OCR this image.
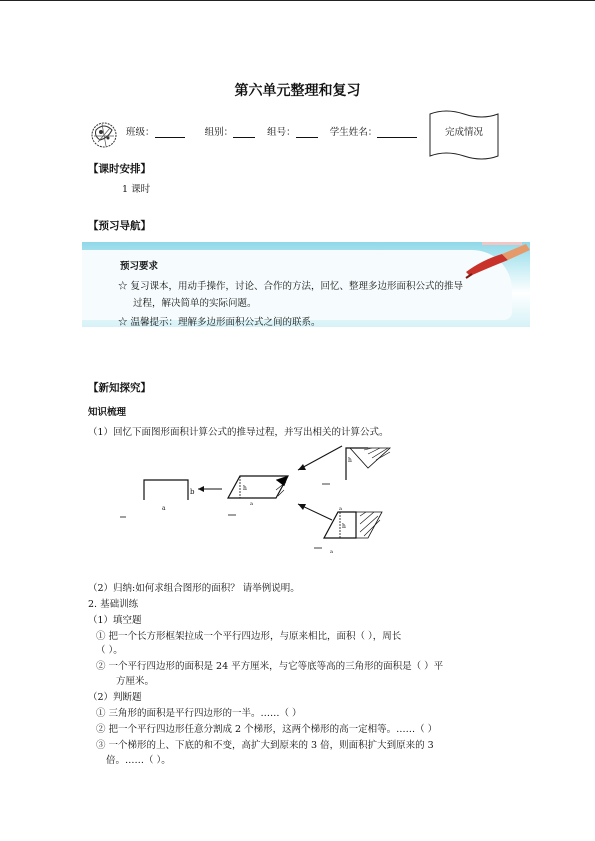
第六单元整理和复习
班级：	组别：	组号：	学生姓名：	完成情况
【课时安排】
1 课时
【预习导航】
预习要求
☆ 复习课本，用动手操作，讨论、合作的方法，回忆、整理多边形面积公式的推导
过程，解决简单的实际问题。
☆ 温馨提示：理解多边形面积公式之间的联系。
【新知探究】
知识梳理
（1）回忆下面图形面积计算公式的推导过程，并写出相关的计算公式。
b
a
h
a
h
h
a
a
（2）归纳:如何求组合图形的面积？ 请举例说明。
2. 基础训练
（1）填空题
① 把一个长方形框架拉成一个平行四边形，与原来相比，面积（ ），周长
（ ）。
② 一个平行四边形的面积是 24 平方厘米，与它等底等高的三角形的面积是（ ）平
方厘米。
（2）判断题
① 三角形的面积是平行四边形的一半。……（ ）
② 把一个平行四边形任意分割成 2 个梯形，这两个梯形的高一定相等。……（ ）
③ 一个梯形的上、下底的和不变，高扩大到原来的 3 倍，则面积扩大到原来的 3
倍。……（ ）。
